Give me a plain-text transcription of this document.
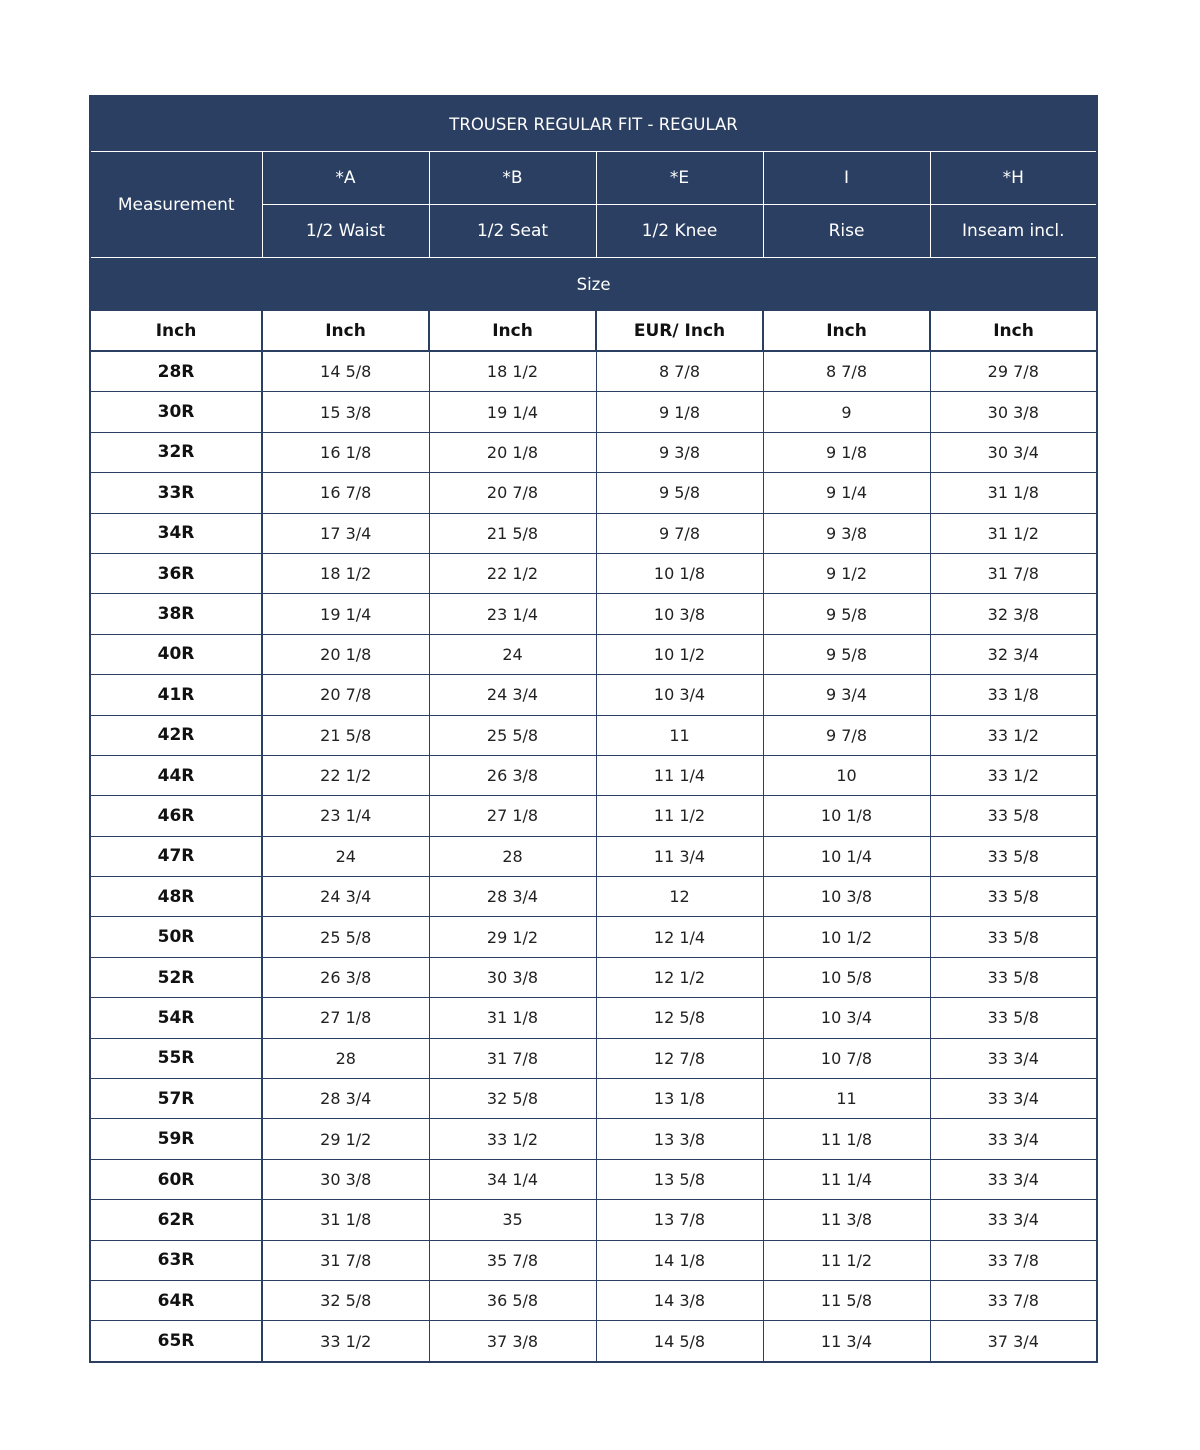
TROUSER REGULAR FIT - REGULAR					
Measurement	*A	*B	*E	I	*H
	1/2 Waist	1/2 Seat	1/2 Knee	Rise	Inseam incl.
Size					
Inch	Inch	Inch	EUR/ Inch	Inch	Inch
28R	14 5/8	18 1/2	8 7/8	8 7/8	29 7/8
30R	15 3/8	19 1/4	9 1/8	9	30 3/8
32R	16 1/8	20 1/8	9 3/8	9 1/8	30 3/4
33R	16 7/8	20 7/8	9 5/8	9 1/4	31 1/8
34R	17 3/4	21 5/8	9 7/8	9 3/8	31 1/2
36R	18 1/2	22 1/2	10 1/8	9 1/2	31 7/8
38R	19 1/4	23 1/4	10 3/8	9 5/8	32 3/8
40R	20 1/8	24	10 1/2	9 5/8	32 3/4
41R	20 7/8	24 3/4	10 3/4	9 3/4	33 1/8
42R	21 5/8	25 5/8	11	9 7/8	33 1/2
44R	22 1/2	26 3/8	11 1/4	10	33 1/2
46R	23 1/4	27 1/8	11 1/2	10 1/8	33 5/8
47R	24	28	11 3/4	10 1/4	33 5/8
48R	24 3/4	28 3/4	12	10 3/8	33 5/8
50R	25 5/8	29 1/2	12 1/4	10 1/2	33 5/8
52R	26 3/8	30 3/8	12 1/2	10 5/8	33 5/8
54R	27 1/8	31 1/8	12 5/8	10 3/4	33 5/8
55R	28	31 7/8	12 7/8	10 7/8	33 3/4
57R	28 3/4	32 5/8	13 1/8	11	33 3/4
59R	29 1/2	33 1/2	13 3/8	11 1/8	33 3/4
60R	30 3/8	34 1/4	13 5/8	11 1/4	33 3/4
62R	31 1/8	35	13 7/8	11 3/8	33 3/4
63R	31 7/8	35 7/8	14 1/8	11 1/2	33 7/8
64R	32 5/8	36 5/8	14 3/8	11 5/8	33 7/8
65R	33 1/2	37 3/8	14 5/8	11 3/4	37 3/4
